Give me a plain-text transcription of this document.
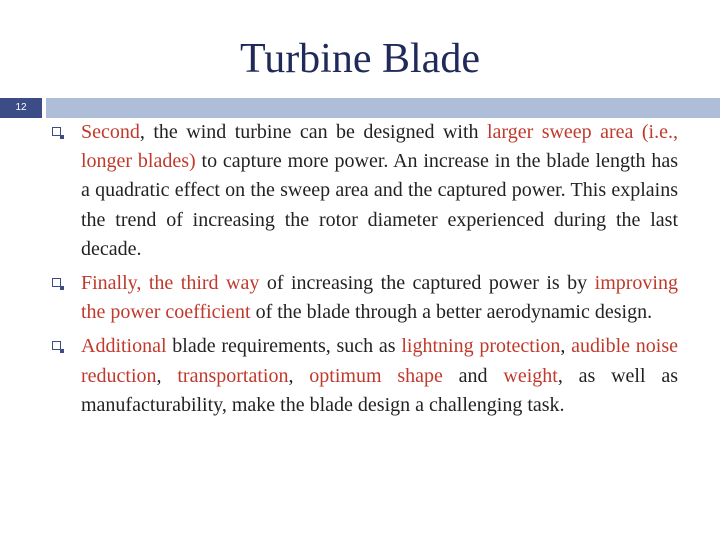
Turbine Blade
12
Second, the wind turbine can be designed with larger sweep area (i.e., longer blades) to capture more power. An increase in the blade length has a quadratic effect on the sweep area and the captured power. This explains the trend of increasing the rotor diameter experienced during the last decade.
Finally, the third way of increasing the captured power is by improving the power coefficient of the blade through a better aerodynamic design.
Additional blade requirements, such as lightning protection, audible noise reduction, transportation, optimum shape and weight, as well as manufacturability, make the blade design a challenging task.
